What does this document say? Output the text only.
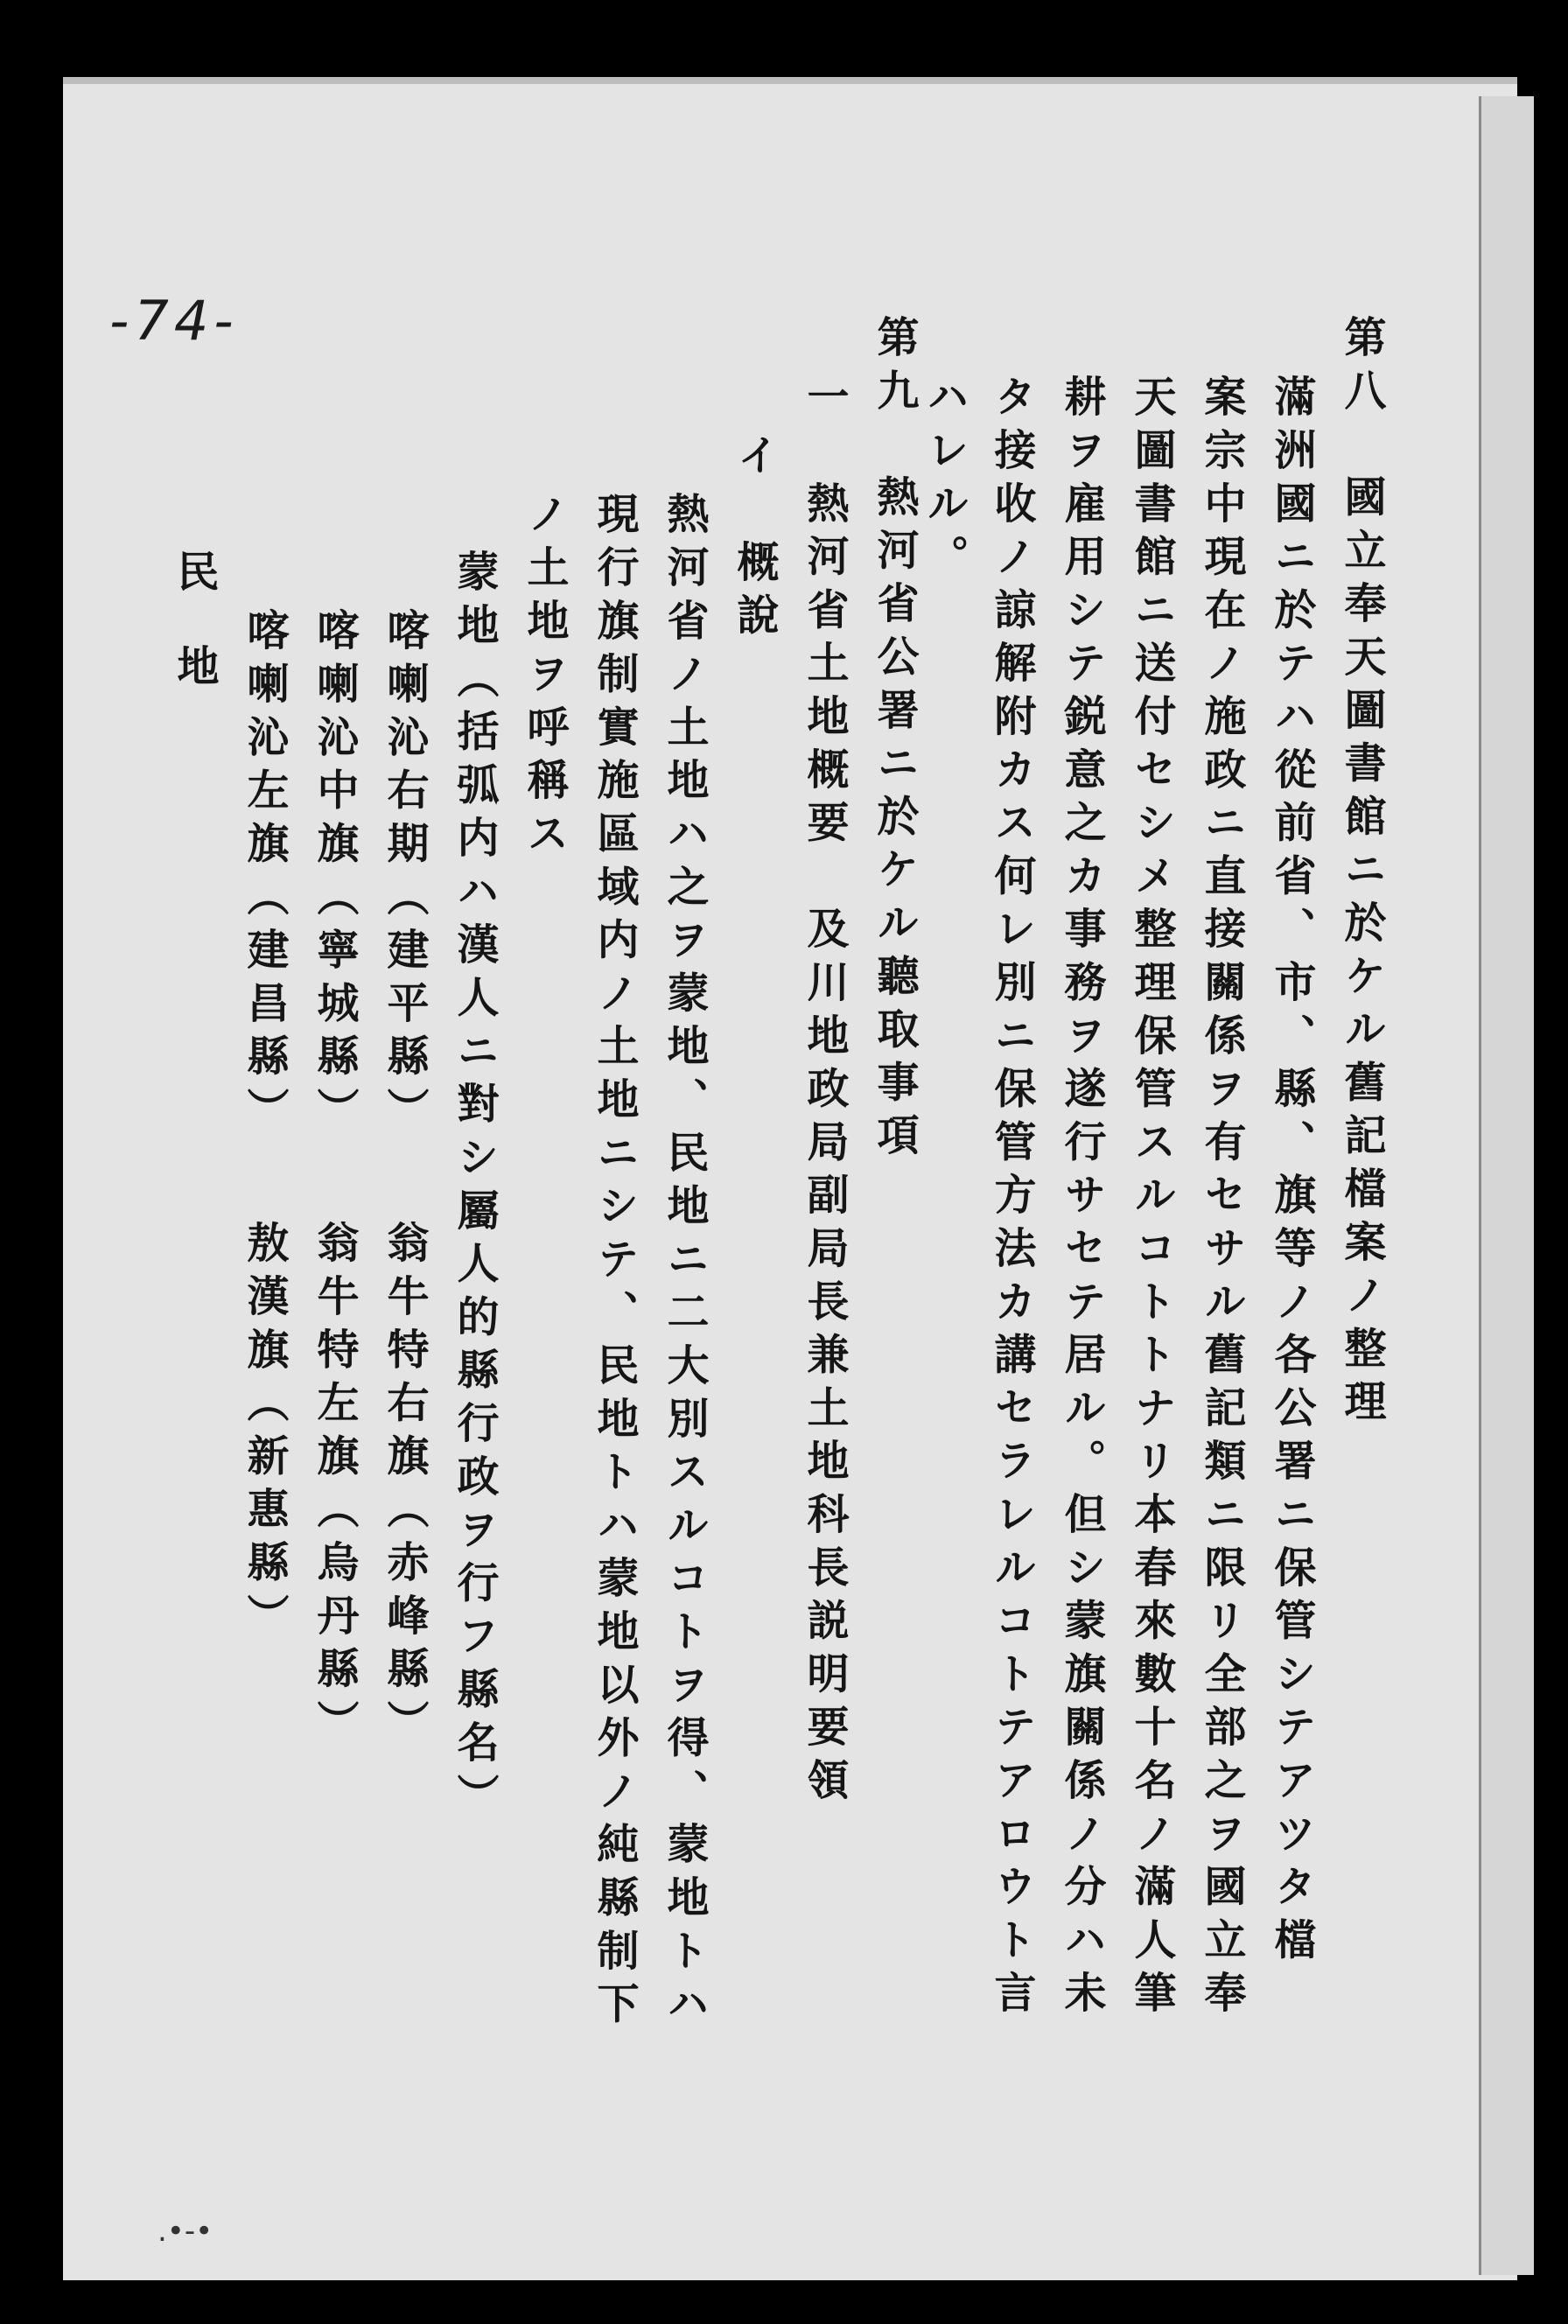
-74-
.•-•
第八　國立奉天圖書館ニ於ケル舊記檔案ノ整理
滿洲國ニ於テハ從前省、市、縣、旗等ノ各公署ニ保管シテアツタ檔
案宗中現在ノ施政ニ直接關係ヲ有セサル舊記類ニ限リ全部之ヲ國立奉
天圖書館ニ送付セシメ整理保管スルコトトナリ本春來數十名ノ滿人筆
耕ヲ雇用シテ鋭意之カ事務ヲ遂行サセテ居ル。但シ蒙旗關係ノ分ハ未
タ接收ノ諒解附カス何レ別ニ保管方法カ講セラレルコトテアロウト言
ハレル。
第九　熱河省公署ニ於ケル聽取事項
一　熱河省土地概要　及川地政局副局長兼土地科長説明要領
イ　概說
熱河省ノ土地ハ之ヲ蒙地、民地ニ二大別スルコトヲ得、蒙地トハ
現行旗制實施區域内ノ土地ニシテ、民地トハ蒙地以外ノ純縣制下
ノ土地ヲ呼稱ス
蒙地（括弧内ハ漢人ニ對シ屬人的縣行政ヲ行フ縣名）
喀喇沁右期（建平縣）
翁牛特右旗（赤峰縣）
喀喇沁中旗（寧城縣）
翁牛特左旗（烏丹縣）
喀喇沁左旗（建昌縣）
敖漢旗（新惠縣）
民地
